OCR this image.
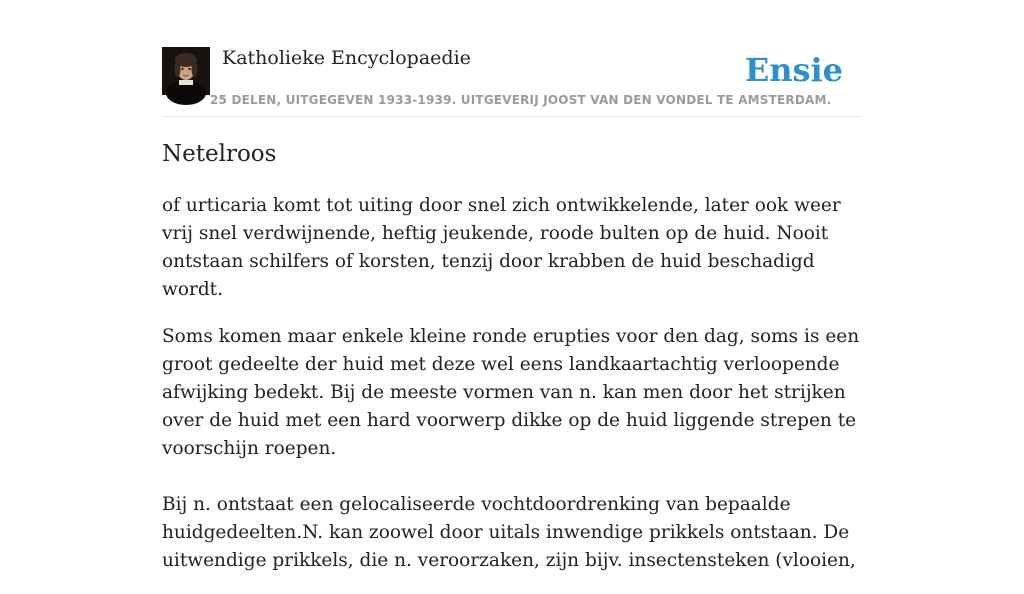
Katholieke Encyclopaedie
25 DELEN, UITGEGEVEN 1933-1939. UITGEVERIJ JOOST VAN DEN VONDEL TE AMSTERDAM.
Ensie
Netelroos

of urticaria komt tot uiting door snel zich ontwikkelende, later ook weer vrij snel verdwijnende, heftig jeukende, roode bulten op de huid. Nooit ontstaan schilfers of korsten, tenzij door krabben de huid beschadigd wordt.

Soms komen maar enkele kleine ronde erupties voor den dag, soms is een groot gedeelte der huid met deze wel eens landkaartachtig verloopende afwijking bedekt. Bij de meeste vormen van n. kan men door het strijken over de huid met een hard voorwerp dikke op de huid liggende strepen te voorschijn roepen.

Bij n. ontstaat een gelocaliseerde vochtdoordrenking van bepaalde huidgedeelten.N. kan zoowel door uitals inwendige prikkels ontstaan. De uitwendige prikkels, die n. veroorzaken, zijn bijv. insectensteken (vlooien,
